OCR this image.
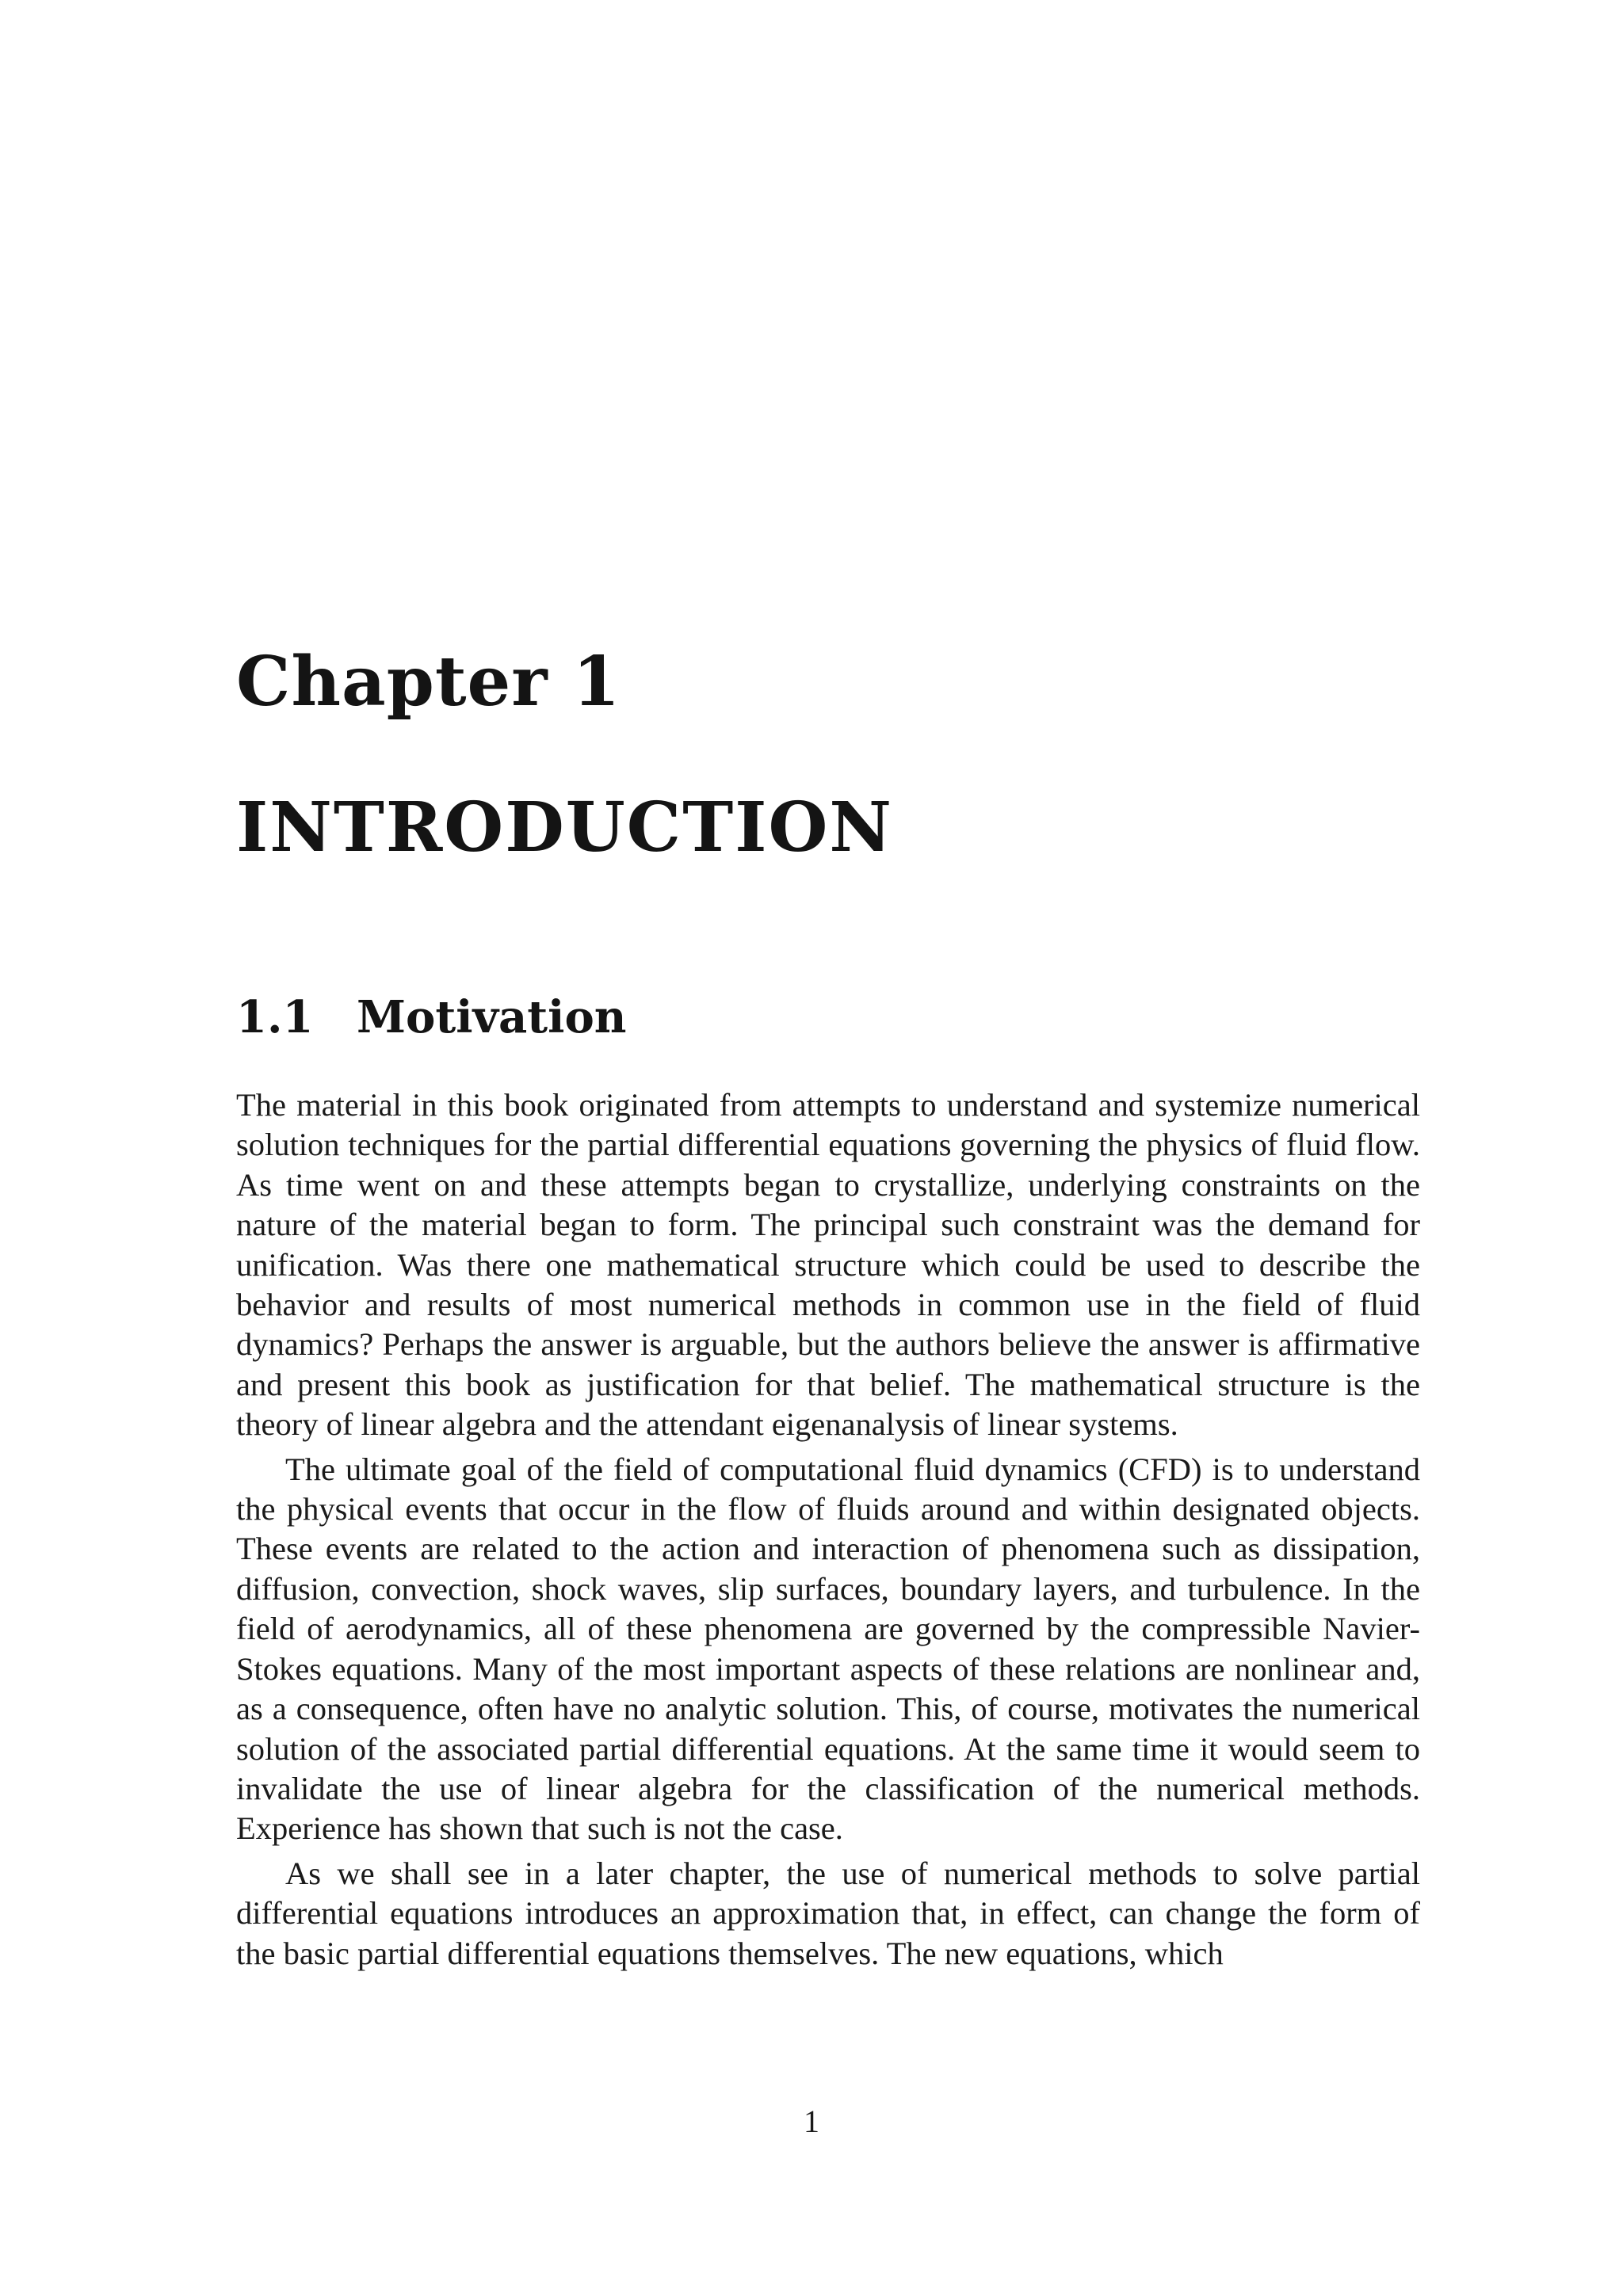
Chapter 1
INTRODUCTION
1.1 Motivation

The material in this book originated from attempts to understand and systemize numerical solution techniques for the partial differential equations governing the physics of fluid flow. As time went on and these attempts began to crystallize, underlying constraints on the nature of the material began to form. The principal such constraint was the demand for unification. Was there one mathematical structure which could be used to describe the behavior and results of most numerical methods in common use in the field of fluid dynamics? Perhaps the answer is arguable, but the authors believe the answer is affirmative and present this book as justification for that belief. The mathematical structure is the theory of linear algebra and the attendant eigenanalysis of linear systems.

The ultimate goal of the field of computational fluid dynamics (CFD) is to understand the physical events that occur in the flow of fluids around and within designated objects. These events are related to the action and interaction of phenomena such as dissipation, diffusion, convection, shock waves, slip surfaces, boundary layers, and turbulence. In the field of aerodynamics, all of these phenomena are governed by the compressible Navier-Stokes equations. Many of the most important aspects of these relations are nonlinear and, as a consequence, often have no analytic solution. This, of course, motivates the numerical solution of the associated partial differential equations. At the same time it would seem to invalidate the use of linear algebra for the classification of the numerical methods. Experience has shown that such is not the case.

As we shall see in a later chapter, the use of numerical methods to solve partial differential equations introduces an approximation that, in effect, can change the form of the basic partial differential equations themselves. The new equations, which

1
